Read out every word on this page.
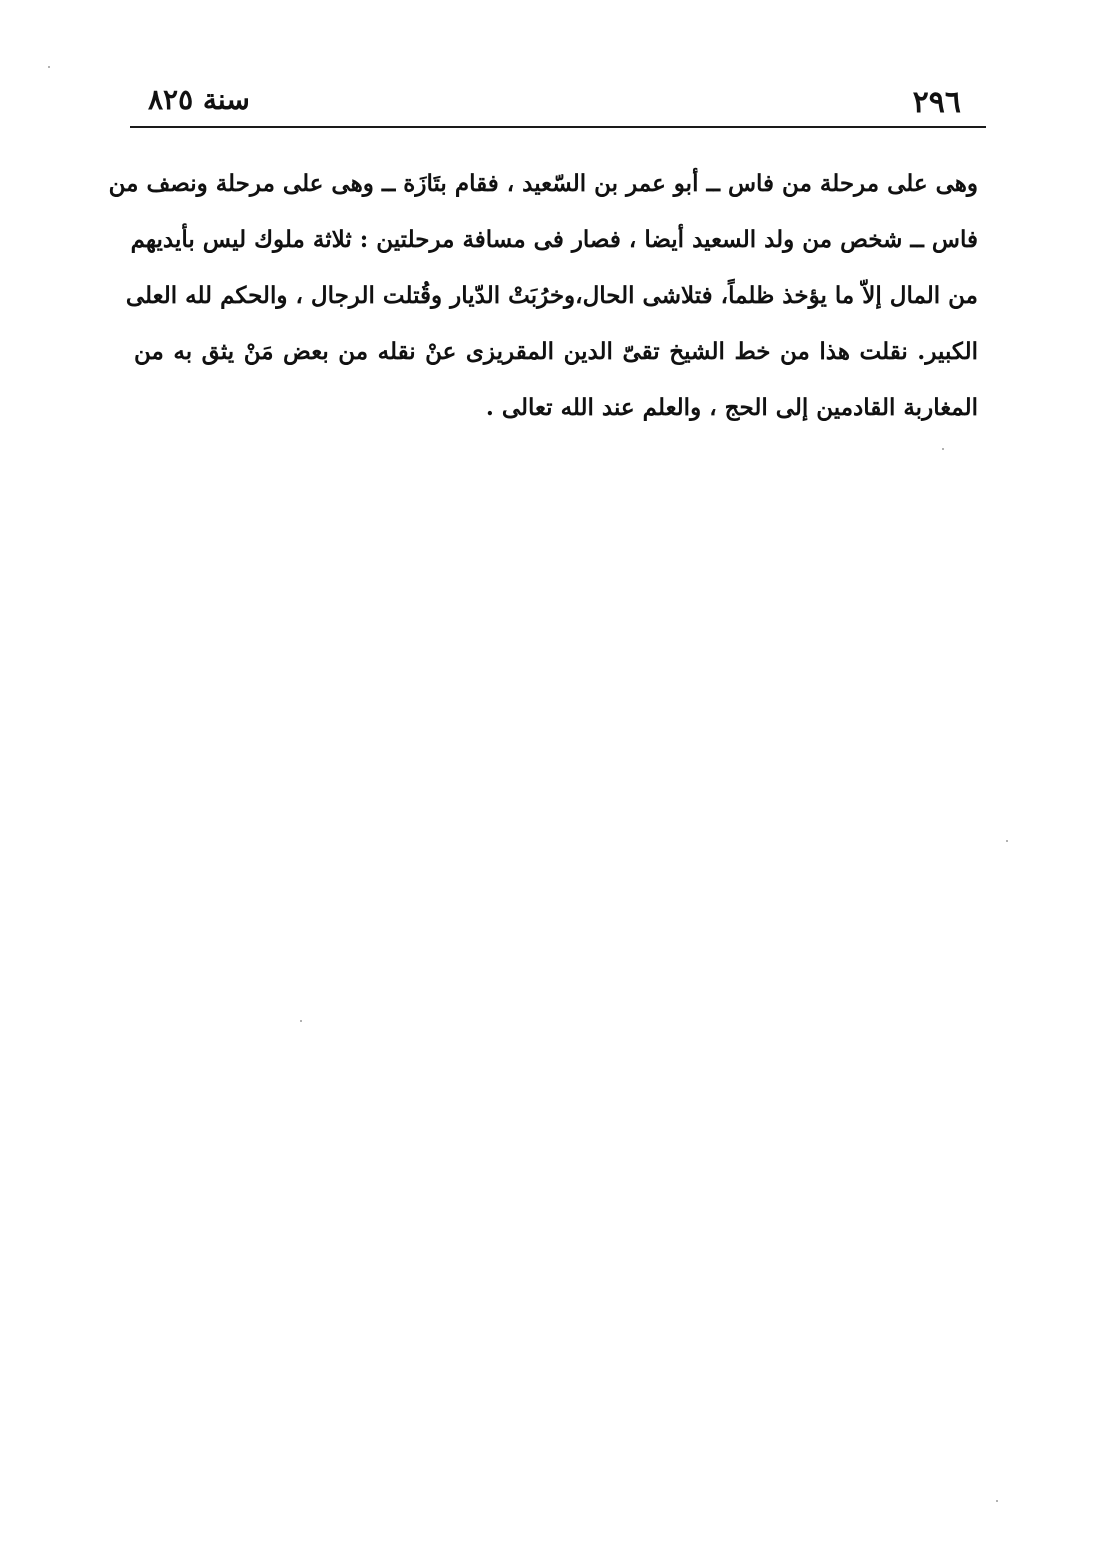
٢٩٦
سنة ٨٢٥
وهى على مرحلة من فاس ــ أبو عمر بن السّعيد ، فقام بتَازَة ــ وهى على مرحلة ونصف من
فاس ــ شخص من ولد السعيد أيضا ، فصار فى مسافة مرحلتين : ثلاثة ملوك ليس بأيديهم
من المال إلاّ ما يؤخذ ظلماً، فتلاشى الحال،وخرُبَتْ الدّيار وقُتلت الرجال ، والحكم لله العلى
الكبير. نقلت هذا من خط الشيخ تقىّ الدين المقريزى عنْ نقله من بعض مَنْ يثق به من
المغاربة القادمين إلى الحج ، والعلم عند الله تعالى .
